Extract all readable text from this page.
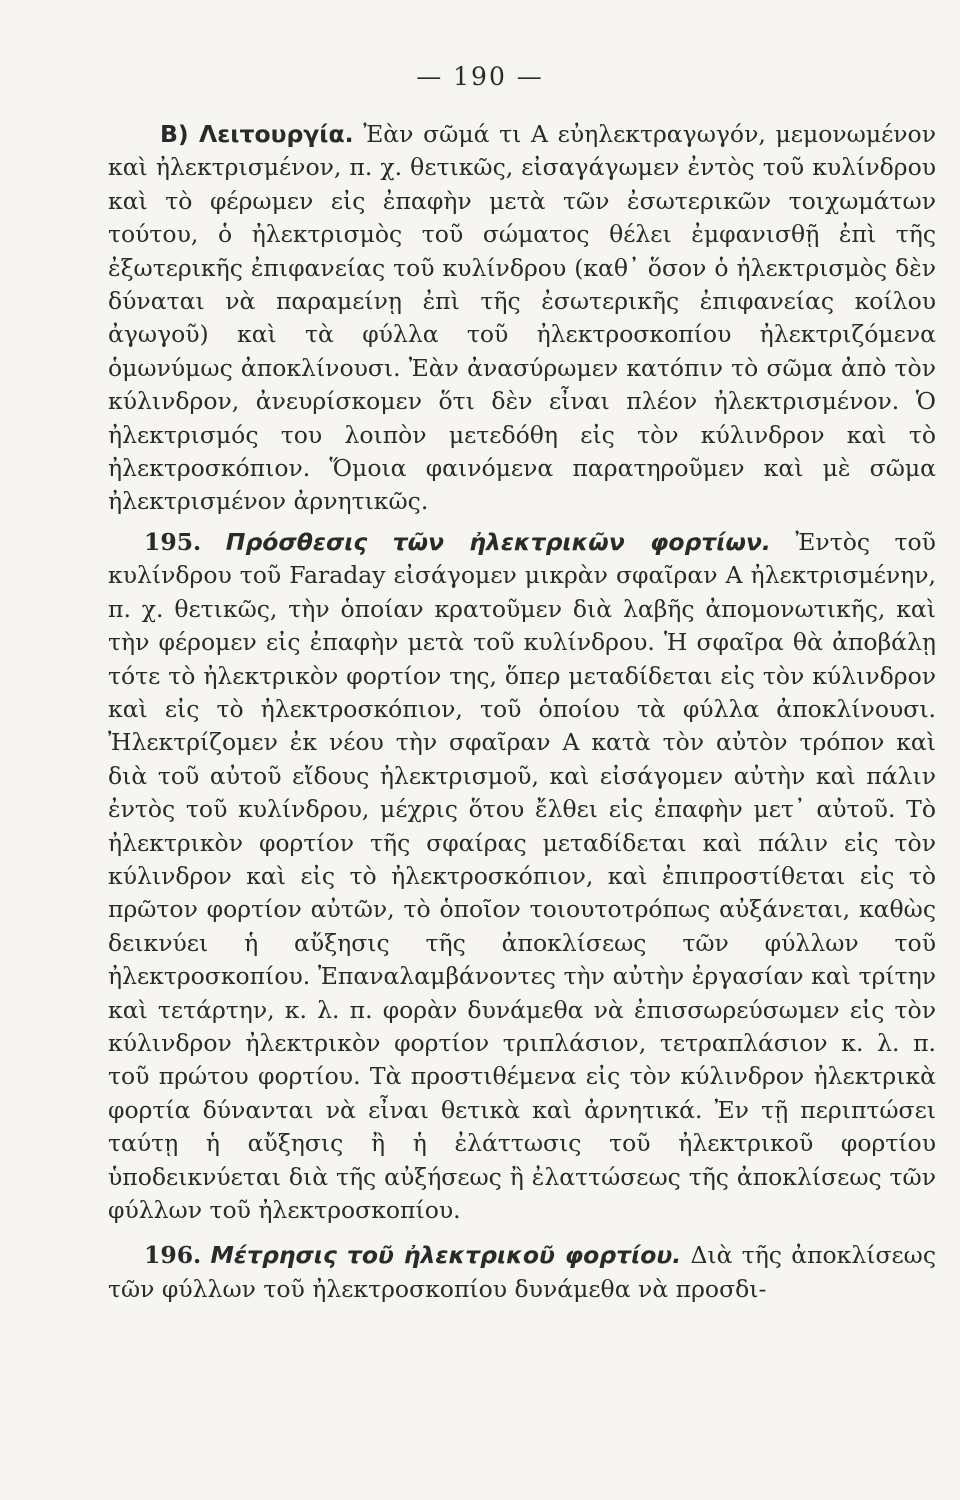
— 190 —

Β) Λειτουργία. Ἐὰν σῶμά τι Α εὐηλεκτραγωγόν, μεμονωμένον καὶ ἠλεκτρισμένον, π. χ. θετικῶς, εἰσαγάγωμεν ἐντὸς τοῦ κυλίνδρου καὶ τὸ φέρωμεν εἰς ἐπαφὴν μετὰ τῶν ἐσωτερικῶν τοιχωμάτων τούτου, ὁ ἠλεκτρισμὸς τοῦ σώματος θέλει ἐμφανισθῇ ἐπὶ τῆς ἐξωτερικῆς ἐπιφανείας τοῦ κυλίνδρου (καθ᾽ ὅσον ὁ ἠλεκτρισμὸς δὲν δύναται νὰ παραμείνῃ ἐπὶ τῆς ἐσωτερικῆς ἐπιφανείας κοίλου ἀγωγοῦ) καὶ τὰ φύλλα τοῦ ἠλεκτροσκοπίου ἠλεκτριζόμενα ὁμωνύμως ἀποκλίνουσι. Ἐὰν ἀνασύρωμεν κατόπιν τὸ σῶμα ἀπὸ τὸν κύλινδρον, ἀνευρίσκομεν ὅτι δὲν εἶναι πλέον ἠλεκτρισμένον. Ὁ ἠλεκτρισμός του λοιπὸν μετεδόθη εἰς τὸν κύλινδρον καὶ τὸ ἠλεκτροσκόπιον. Ὅμοια φαινόμενα παρατηροῦμεν καὶ μὲ σῶμα ἠλεκτρισμένον ἀρνητικῶς.

195. Πρόσθεσις τῶν ἠλεκτρικῶν φορτίων. Ἐντὸς τοῦ κυλίνδρου τοῦ Faraday εἰσάγομεν μικρὰν σφαῖραν Α ἠλεκτρισμένην, π. χ. θετικῶς, τὴν ὁποίαν κρατοῦμεν διὰ λαβῆς ἀπομονωτικῆς, καὶ τὴν φέρομεν εἰς ἐπαφὴν μετὰ τοῦ κυλίνδρου. Ἡ σφαῖρα θὰ ἀποβάλῃ τότε τὸ ἠλεκτρικὸν φορτίον της, ὅπερ μεταδίδεται εἰς τὸν κύλινδρον καὶ εἰς τὸ ἠλεκτροσκόπιον, τοῦ ὁποίου τὰ φύλλα ἀποκλίνουσι. Ἠλεκτρίζομεν ἐκ νέου τὴν σφαῖραν Α κατὰ τὸν αὐτὸν τρόπον καὶ διὰ τοῦ αὐτοῦ εἴδους ἠλεκτρισμοῦ, καὶ εἰσάγομεν αὐτὴν καὶ πάλιν ἐντὸς τοῦ κυλίνδρου, μέχρις ὅτου ἔλθει εἰς ἐπαφὴν μετ᾽ αὐτοῦ. Τὸ ἠλεκτρικὸν φορτίον τῆς σφαίρας μεταδίδεται καὶ πάλιν εἰς τὸν κύλινδρον καὶ εἰς τὸ ἠλεκτροσκόπιον, καὶ ἐπιπροστίθεται εἰς τὸ πρῶτον φορτίον αὐτῶν, τὸ ὁποῖον τοιουτοτρόπως αὐξάνεται, καθὼς δεικνύει ἡ αὔξησις τῆς ἀποκλίσεως τῶν φύλλων τοῦ ἠλεκτροσκοπίου. Ἐπαναλαμβάνοντες τὴν αὐτὴν ἐργασίαν καὶ τρίτην καὶ τετάρτην, κ. λ. π. φορὰν δυνάμεθα νὰ ἐπισσωρεύσωμεν εἰς τὸν κύλινδρον ἠλεκτρικὸν φορτίον τριπλάσιον, τετραπλάσιον κ. λ. π. τοῦ πρώτου φορτίου. Τὰ προστιθέμενα εἰς τὸν κύλινδρον ἠλεκτρικὰ φορτία δύνανται νὰ εἶναι θετικὰ καὶ ἀρνητικά. Ἐν τῇ περιπτώσει ταύτῃ ἡ αὔξησις ἢ ἡ ἐλάττωσις τοῦ ἠλεκτρικοῦ φορτίου ὑποδεικνύεται διὰ τῆς αὐξήσεως ἢ ἐλαττώσεως τῆς ἀποκλίσεως τῶν φύλλων τοῦ ἠλεκτροσκοπίου.

196. Μέτρησις τοῦ ἠλεκτρικοῦ φορτίου. Διὰ τῆς ἀποκλίσεως τῶν φύλλων τοῦ ἠλεκτροσκοπίου δυνάμεθα νὰ προσδι-
